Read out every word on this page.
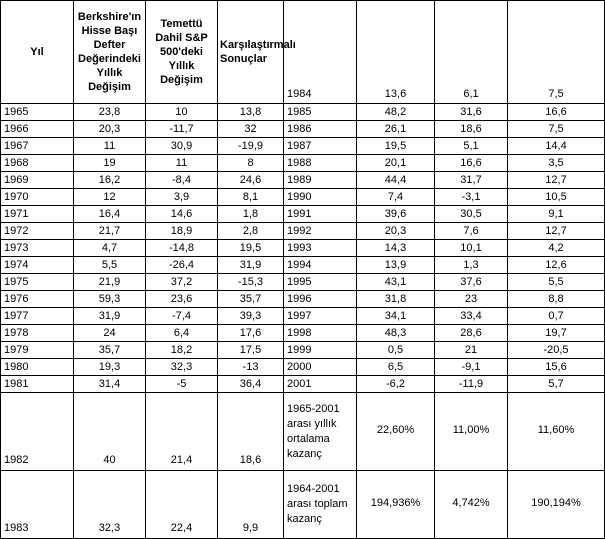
Yıl	Berkshire'ın Hisse Başı Defter Değerindeki Yıllık Değişim	Temettü Dahil S&P 500'deki Yıllık Değişim	Karşılaştırmalı Sonuçlar	1984	13,6	6,1	7,5
1965	23,8	10	13,8	1985	48,2	31,6	16,6
1966	20,3	-11,7	32	1986	26,1	18,6	7,5
1967	11	30,9	-19,9	1987	19,5	5,1	14,4
1968	19	11	8	1988	20,1	16,6	3,5
1969	16,2	-8,4	24,6	1989	44,4	31,7	12,7
1970	12	3,9	8,1	1990	7,4	-3,1	10,5
1971	16,4	14,6	1,8	1991	39,6	30,5	9,1
1972	21,7	18,9	2,8	1992	20,3	7,6	12,7
1973	4,7	-14,8	19,5	1993	14,3	10,1	4,2
1974	5,5	-26,4	31,9	1994	13,9	1,3	12,6
1975	21,9	37,2	-15,3	1995	43,1	37,6	5,5
1976	59,3	23,6	35,7	1996	31,8	23	8,8
1977	31,9	-7,4	39,3	1997	34,1	33,4	0,7
1978	24	6,4	17,6	1998	48,3	28,6	19,7
1979	35,7	18,2	17,5	1999	0,5	21	-20,5
1980	19,3	32,3	-13	2000	6,5	-9,1	15,6
1981	31,4	-5	36,4	2001	-6,2	-11,9	5,7
1982	40	21,4	18,6	1965-2001 arası yıllık ortalama kazanç	22,60%	11,00%	11,60%
1983	32,3	22,4	9,9	1964-2001 arası toplam kazanç	194,936%	4,742%	190,194%
